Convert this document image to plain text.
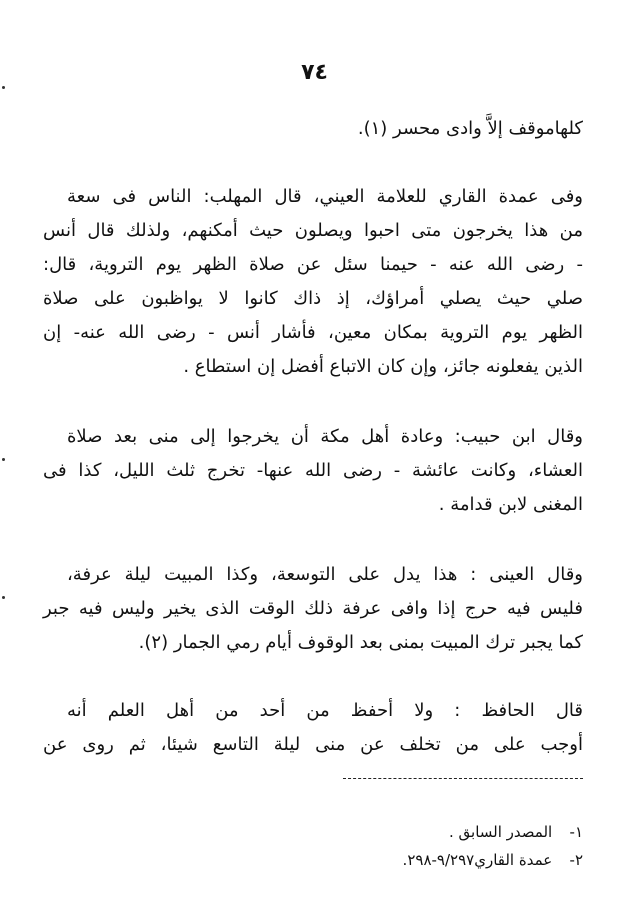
٧٤
كلهاموقف إلاَّ وادى محسر (١).
وفى عمدة القاري للعلامة العيني، قال المهلب: الناس فى سعة
من هذا يخرجون متى احبوا ويصلون حيث أمكنهم، ولذلك قال أنس
- رضى الله عنه - حيمنا سئل عن صلاة الظهر يوم التروية، قال:
صلي حيث يصلي أمراؤك، إذ ذاك كانوا لا يواظبون على صلاة
الظهر يوم التروية بمكان معين، فأشار أنس - رضى الله عنه- إن
الذين يفعلونه جائز، وإن كان الاتباع أفضل إن استطاع .
وقال ابن حبيب: وعادة أهل مكة أن يخرجوا إلى منى بعد صلاة
العشاء، وكانت عائشة - رضى الله عنها- تخرج ثلث الليل، كذا فى
المغنى لابن قدامة .
وقال العينى : هذا يدل على التوسعة، وكذا المبيت ليلة عرفة،
فليس فيه حرج إذا وافى عرفة ذلك الوقت الذى يخير وليس فيه جبر
كما يجبر ترك المبيت بمنى بعد الوقوف أيام رمي الجمار (٢).
قال الحافظ : ولا أحفظ من أحد من أهل العلم أنه
أوجب على من تخلف عن منى ليلة التاسع شيئا، ثم روى عن
١- المصدر السابق .
٢- عمدة القاري٩/٢٩٧-٢٩٨.
